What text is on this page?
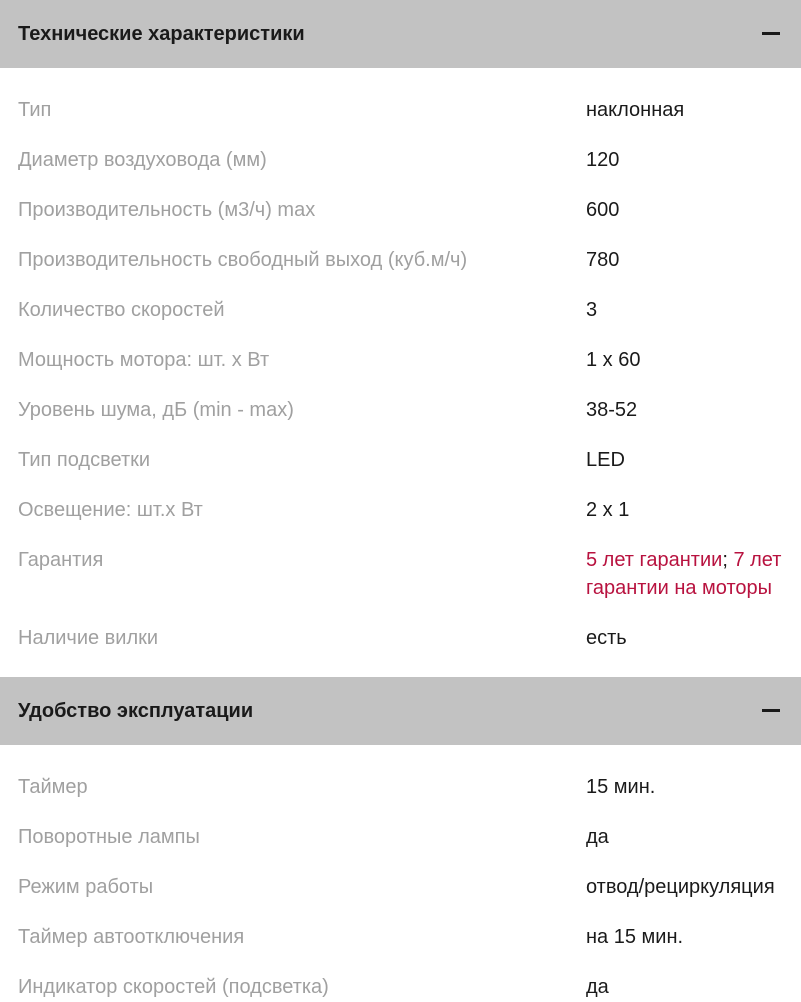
Технические характеристики
Тип	наклонная
Диаметр воздуховода (мм)	120
Производительность (м3/ч) max	600
Производительность свободный выход (куб.м/ч)	780
Количество скоростей	3
Мощность мотора: шт. х Вт	1 х 60
Уровень шума, дБ (min - max)	38-52
Тип подсветки	LED
Освещение: шт.х Вт	2 х 1
Гарантия	5 лет гарантии; 7 лет гарантии на моторы
Наличие вилки	есть
Удобство эксплуатации
Таймер	15 мин.
Поворотные лампы	да
Режим работы	отвод/рециркуляция
Таймер автоотключения	на 15 мин.
Индикатор скоростей (подсветка)	да
